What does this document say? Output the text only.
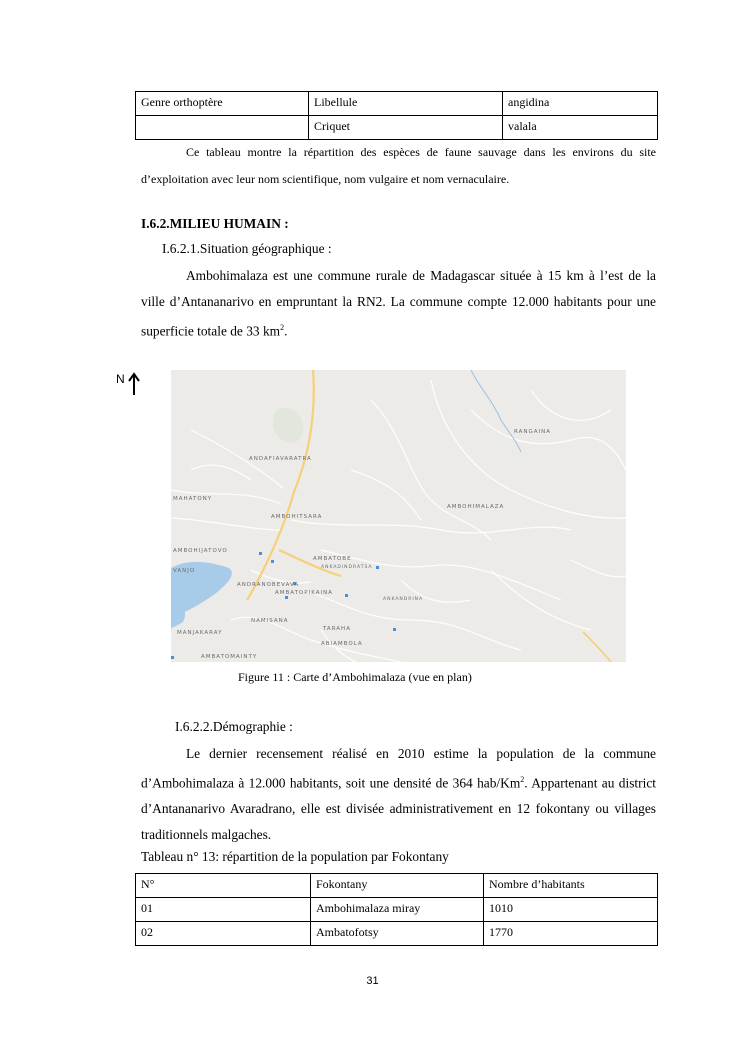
Genre orthoptère	Libellule	angidina
	Criquet	valala
Ce tableau montre la répartition des espèces de faune sauvage dans les environs du site d’exploitation avec leur nom scientifique, nom vulgaire et nom vernaculaire.
I.6.2.MILIEU HUMAIN :
I.6.2.1.Situation géographique :
Ambohimalaza est une commune rurale de Madagascar située à 15 km à l’est de la ville d’Antananarivo en empruntant la RN2. La commune compte 12.000 habitants pour une superficie totale de 33 $km^2$.
N
RANGAINA
ANDAFIAVARATRA
MAHATONY
AMBOHIMALAZA
AMBOHITSARA
AMBOHIJATOVO
AMBATOBE
ANKADINDRATSA
VANJO
ANDRANOBEVAVA
AMBATOPIKAINA
ANKANDRINA
NAMISANA
TARAHA
MANJAKARAY
ABIAMBOLA
AMBATOMAINTY
Figure 11 : Carte d’Ambohimalaza (vue en plan)
I.6.2.2.Démographie :
Le dernier recensement réalisé en 2010 estime la population de la commune d’Ambohimalaza à 12.000 habitants, soit une densité de 364 hab/Km$^2$. Appartenant au district d’Antananarivo Avaradrano, elle est divisée administrativement en 12 fokontany ou villages traditionnels malgaches.
Tableau n° 13: répartition de la population par Fokontany
N°	Fokontany	Nombre d’habitants
01	Ambohimalaza miray	1010
02	Ambatofotsy	1770
31
